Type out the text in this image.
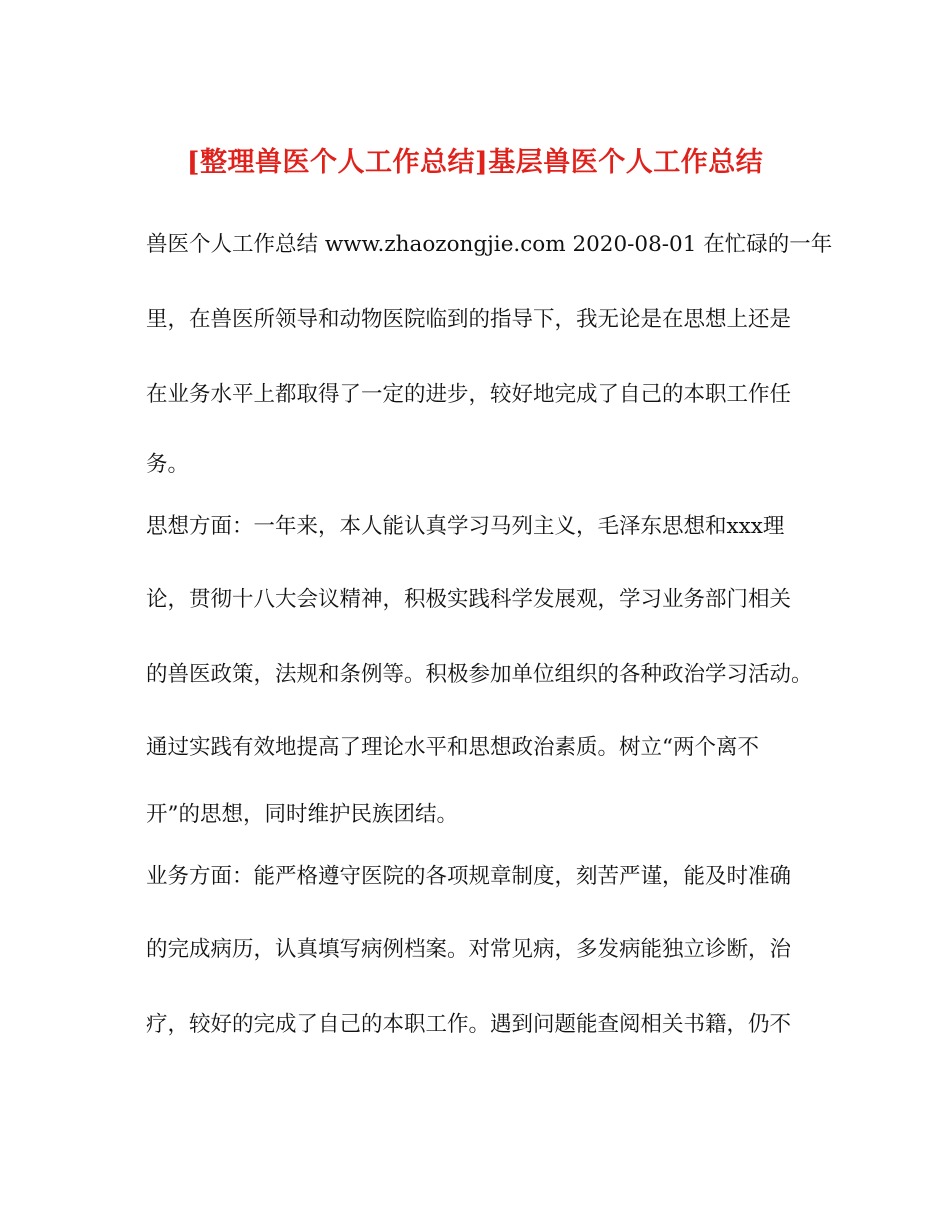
[整理兽医个人工作总结]基层兽医个人工作总结
兽医个人工作总结 www.zhaozongjie.com 2020-08-01 在忙碌的一年
里，在兽医所领导和动物医院临到的指导下，我无论是在思想上还是
在业务水平上都取得了一定的进步，较好地完成了自己的本职工作任
务。
思想方面：一年来，本人能认真学习马列主义，毛泽东思想和xxx理
论，贯彻十八大会议精神，积极实践科学发展观，学习业务部门相关
的兽医政策，法规和条例等。积极参加单位组织的各种政治学习活动。
通过实践有效地提高了理论水平和思想政治素质。树立“两个离不
开”的思想，同时维护民族团结。
业务方面：能严格遵守医院的各项规章制度，刻苦严谨，能及时准确
的完成病历，认真填写病例档案。对常见病，多发病能独立诊断，治
疗，较好的完成了自己的本职工作。遇到问题能查阅相关书籍，仍不
